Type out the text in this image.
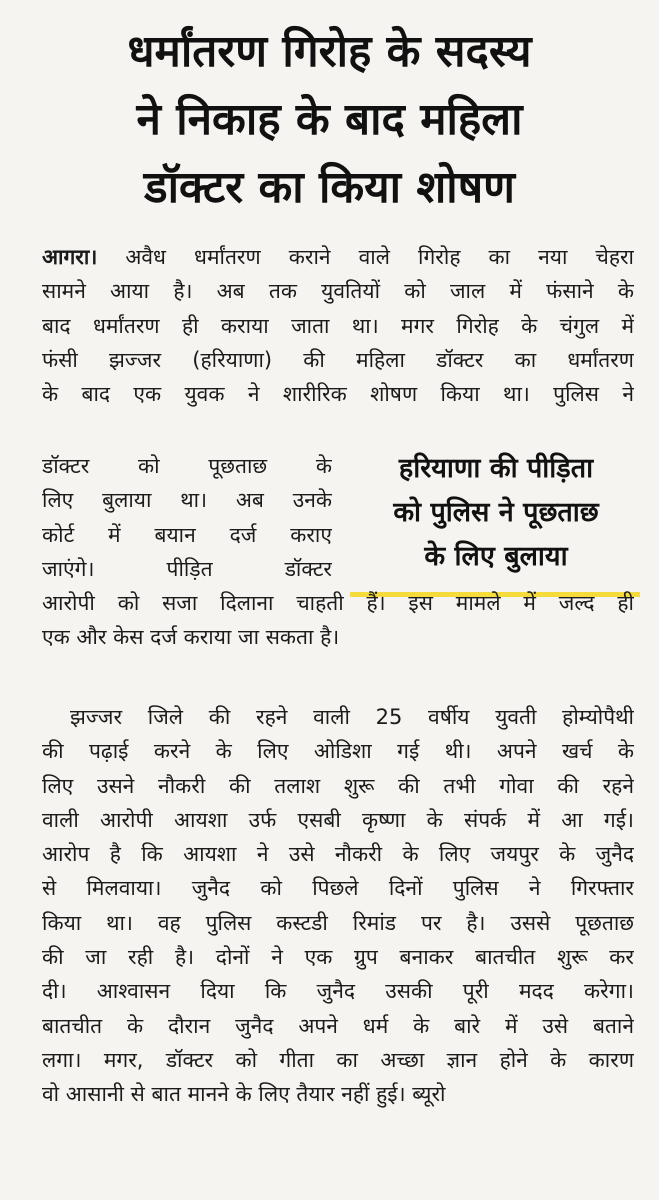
धर्मांतरण गिरोह के सदस्य
ने निकाह के बाद महिला
डॉक्टर का किया शोषण
आगरा। अवैध धर्मांतरण कराने वाले गिरोह का नया चेहरा
सामने आया है। अब तक युवतियों को जाल में फंसाने के
बाद धर्मांतरण ही कराया जाता था। मगर गिरोह के चंगुल में
फंसी झज्जर (हरियाणा) की महिला डॉक्टर का धर्मांतरण
के बाद एक युवक ने शारीरिक शोषण किया था। पुलिस ने
डॉक्टर को पूछताछ के
लिए बुलाया था। अब उनके
कोर्ट में बयान दर्ज कराए
जाएंगे। पीड़ित डॉक्टर
हरियाणा की पीड़िता
को पुलिस ने पूछताछ
के लिए बुलाया
आरोपी को सजा दिलाना चाहती हैं। इस मामले में जल्द ही
एक और केस दर्ज कराया जा सकता है।
झज्जर जिले की रहने वाली 25 वर्षीय युवती होम्योपैथी
की पढ़ाई करने के लिए ओडिशा गई थी। अपने खर्च के
लिए उसने नौकरी की तलाश शुरू की तभी गोवा की रहने
वाली आरोपी आयशा उर्फ एसबी कृष्णा के संपर्क में आ गई।
आरोप है कि आयशा ने उसे नौकरी के लिए जयपुर के जुनैद
से मिलवाया। जुनैद को पिछले दिनों पुलिस ने गिरफ्तार
किया था। वह पुलिस कस्टडी रिमांड पर है। उससे पूछताछ
की जा रही है। दोनों ने एक ग्रुप बनाकर बातचीत शुरू कर
दी। आश्वासन दिया कि जुनैद उसकी पूरी मदद करेगा।
बातचीत के दौरान जुनैद अपने धर्म के बारे में उसे बताने
लगा। मगर, डॉक्टर को गीता का अच्छा ज्ञान होने के कारण
वो आसानी से बात मानने के लिए तैयार नहीं हुई। ब्यूरो
